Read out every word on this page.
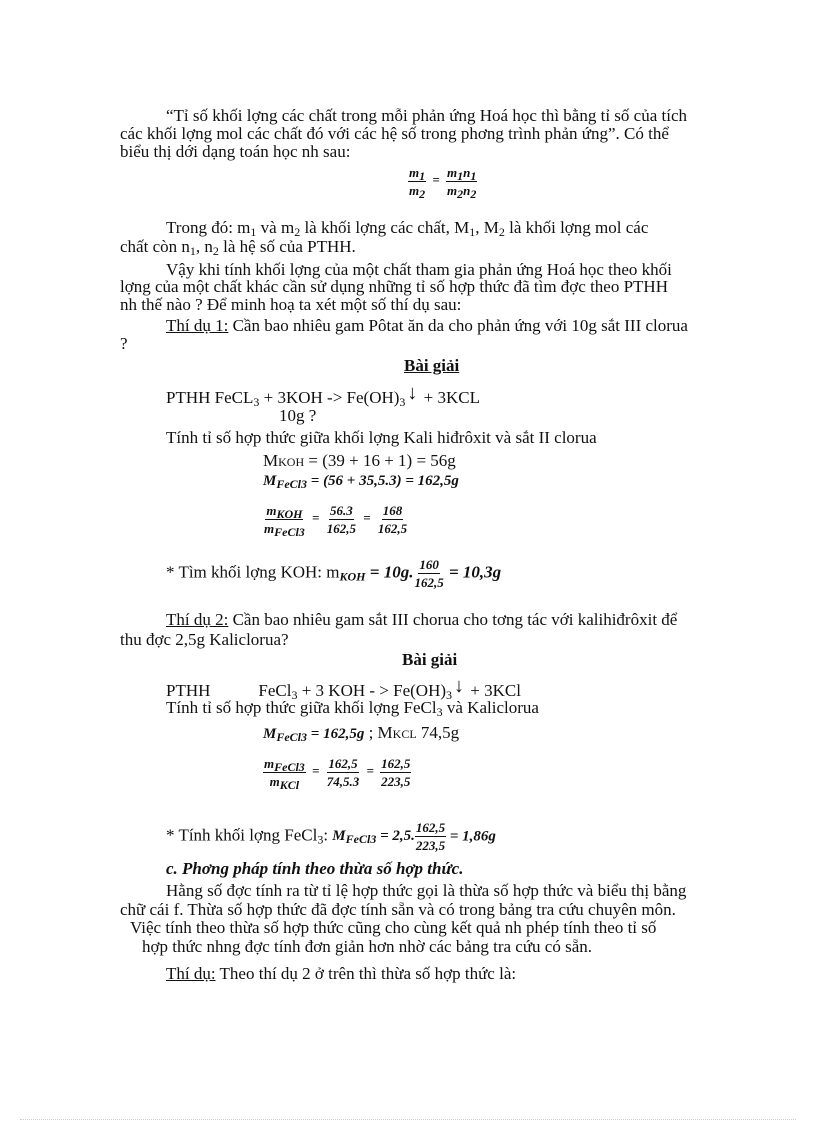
“Tỉ số khối lợng các chất trong mỗi phản ứng Hoá học thì bằng tỉ số của tích
các khối lợng mol các chất đó với các hệ số trong phơng trình phản ứng”. Có thể
biểu thị dới dạng toán học nh sau:
$\frac{m_1}{m_2} = \frac{m_1n_1}{m_2n_2}$
Trong đó: $m_1$ và $m_2$ là khối lợng các chất, $M_1$, $M_2$ là khối lợng mol các
chất còn $n_1$, $n_2$ là hệ số của PTHH.
Vậy khi tính khối lợng của một chất tham gia phản ứng Hoá học theo khối
lợng của một chất khác cần sử dụng những tỉ số hợp thức đã tìm đợc theo PTHH
nh thế nào ? Để minh hoạ ta xét một số thí dụ sau:
Thí dụ 1: Cần bao nhiêu gam Pôtat ăn da cho phản ứng với 10g sắt III clorua
?
Bài giải
PTHH FeCL$_3$ + $3KOH -> Fe(OH)_3$ ↓ + 3KCL
10g ?
Tính tỉ số hợp thức giữa khối lợng Kali hiđrôxit và sắt II clorua
MKOH = (39 + 16 + 1) = 56g
$M_{FeCl3} = (56 + 35,5.3) = 162,5g$
$\frac{m_{KOH}}{m_{FeCl3}} = \frac{56.3}{162,5} = \frac{168}{162,5}$
* Tìm khối lợng KOH: $m_{KOH} = 10g$. $\frac{160}{162,5} = 10,3g$
Thí dụ 2: Cần bao nhiêu gam sắt III chorua cho tơng tác với kalihiđrôxit để
thu đợc 2,5g Kaliclorua?
Bài giải
PTHH	FeCl$_3$ + 3 KOH - > $Fe(OH)_3$ ↓ + 3KCl
Tính tỉ số hợp thức giữa khối lợng FeCl$_3$ và Kaliclorua
$M_{FeCl3} = 162,5g$ ; MKCL 74,5g
$\frac{m_{FeCl3}}{m_{KCl}} = \frac{162,5}{74,5.3} = \frac{162,5}{223,5}$
* Tính khối lợng FeCl$_3$: $M_{FeCl3} = 2,5$. $\frac{162,5}{223,5} = 1,86g$
c. Phơng pháp tính theo thừa số hợp thức.
Hằng số đợc tính ra từ tỉ lệ hợp thức gọi là thừa số hợp thức và biểu thị bằng
chữ cái f. Thừa số hợp thức đã đợc tính sẵn và có trong bảng tra cứu chuyên môn.
Việc tính theo thừa số hợp thức cũng cho cùng kết quả nh phép tính theo tỉ số
hợp thức nhng đợc tính đơn giản hơn nhờ các bảng tra cứu có sẵn.
Thí dụ: Theo thí dụ 2 ở trên thì thừa số hợp thức là:
